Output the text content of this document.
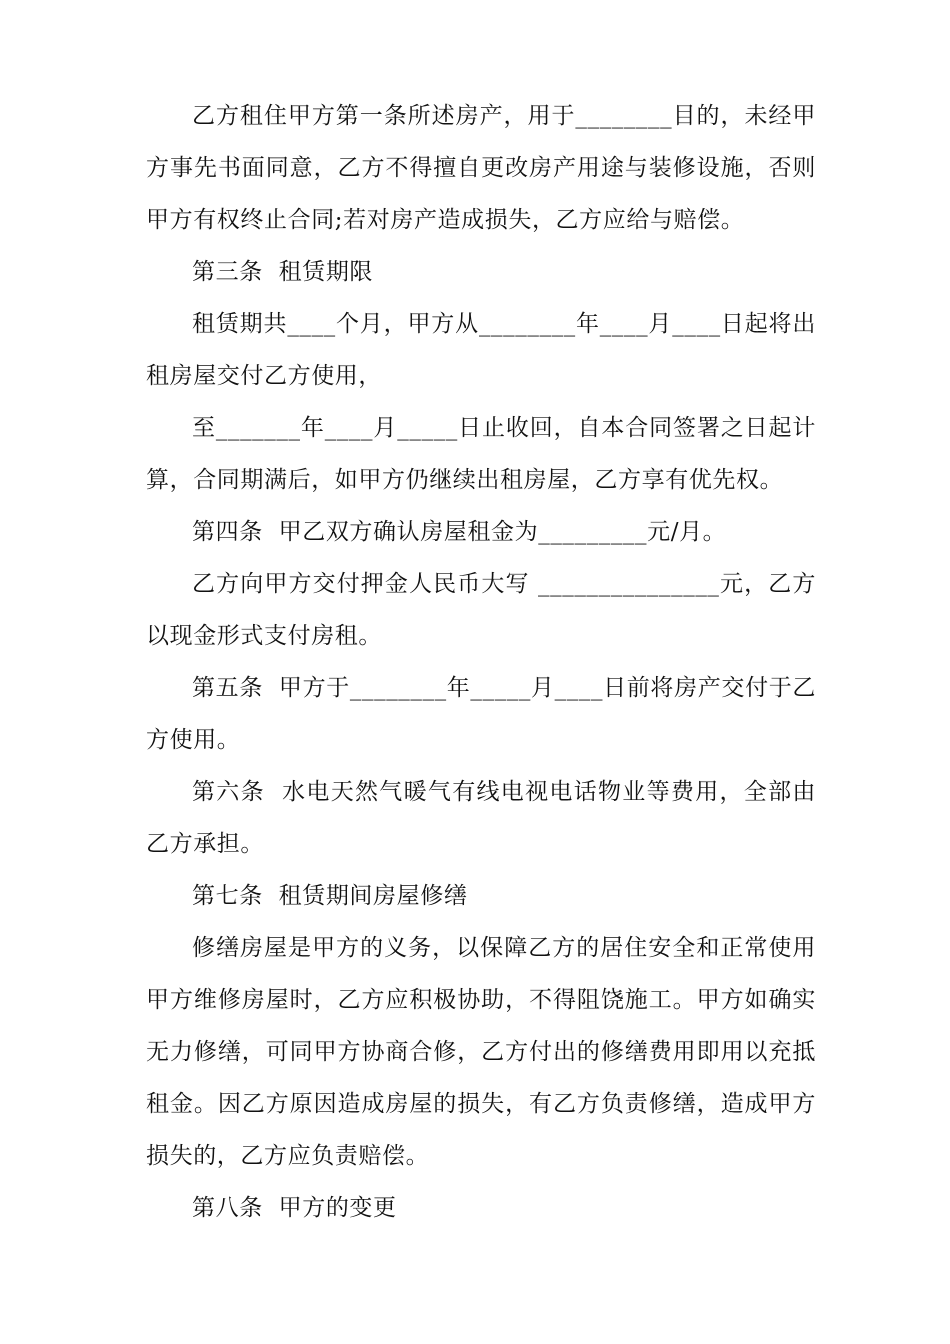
乙方租住甲方第一条所述房产，用于________目的，未经甲方事先书面同意，乙方不得擅自更改房产用途与装修设施，否则甲方有权终止合同;若对房产造成损失，乙方应给与赔偿。

第三条  租赁期限

租赁期共____个月，甲方从________年____月____日起将出租房屋交付乙方使用，

至_______年____月_____日止收回，自本合同签署之日起计算，合同期满后，如甲方仍继续出租房屋，乙方享有优先权。

第四条  甲乙双方确认房屋租金为_________元/月。

乙方向甲方交付押金人民币大写 _______________元，乙方以现金形式支付房租。

第五条  甲方于________年_____月____日前将房产交付于乙方使用。

第六条  水电天然气暖气有线电视电话物业等费用，全部由乙方承担。

第七条  租赁期间房屋修缮

修缮房屋是甲方的义务，以保障乙方的居住安全和正常使用甲方维修房屋时，乙方应积极协助，不得阻饶施工。甲方如确实无力修缮，可同甲方协商合修，乙方付出的修缮费用即用以充抵租金。因乙方原因造成房屋的损失，有乙方负责修缮，造成甲方损失的，乙方应负责赔偿。

第八条  甲方的变更
